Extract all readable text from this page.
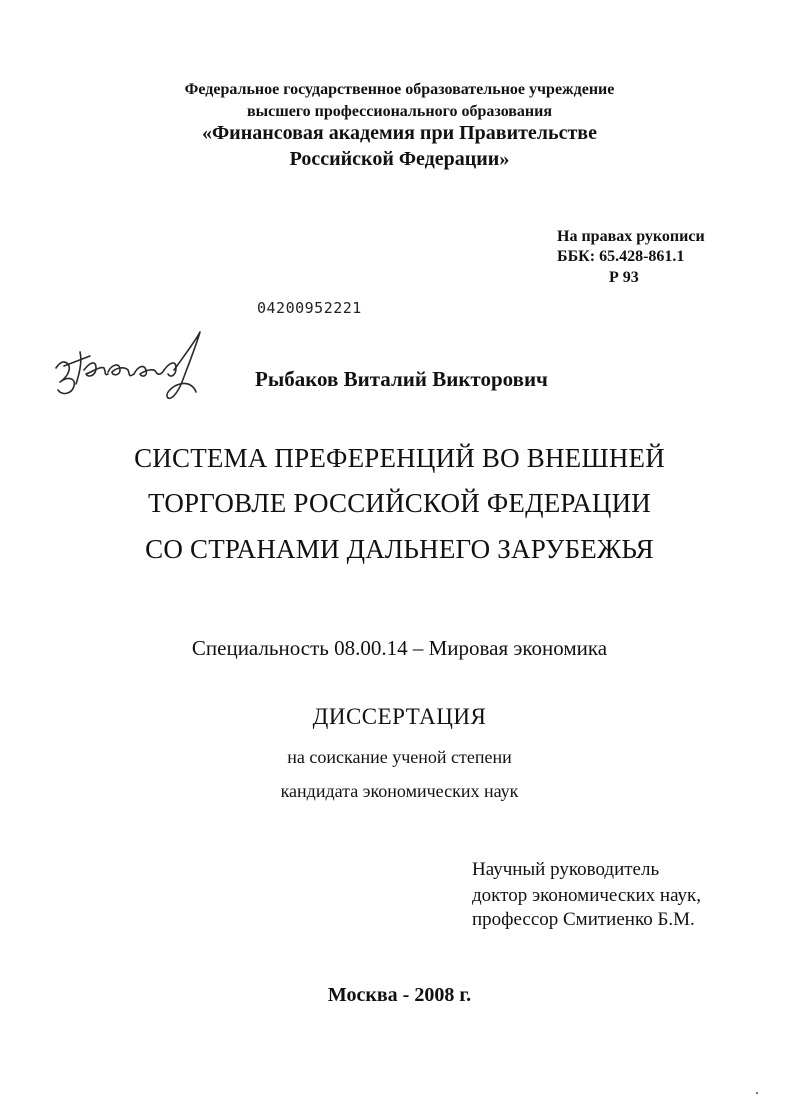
Федеральное государственное образовательное учреждение
высшего профессионального образования
«Финансовая академия при Правительстве
Российской Федерации»
На правах рукописи
ББК: 65.428-861.1
Р 93
04200952221
Рыбаков Виталий Викторович
СИСТЕМА ПРЕФЕРЕНЦИЙ ВО ВНЕШНЕЙ
ТОРГОВЛЕ РОССИЙСКОЙ ФЕДЕРАЦИИ
СО СТРАНАМИ ДАЛЬНЕГО ЗАРУБЕЖЬЯ
Специальность 08.00.14 – Мировая экономика
ДИССЕРТАЦИЯ
на соискание ученой степени
кандидата экономических наук
Научный руководитель
доктор экономических наук,
профессор Смитиенко Б.М.
Москва - 2008 г.
